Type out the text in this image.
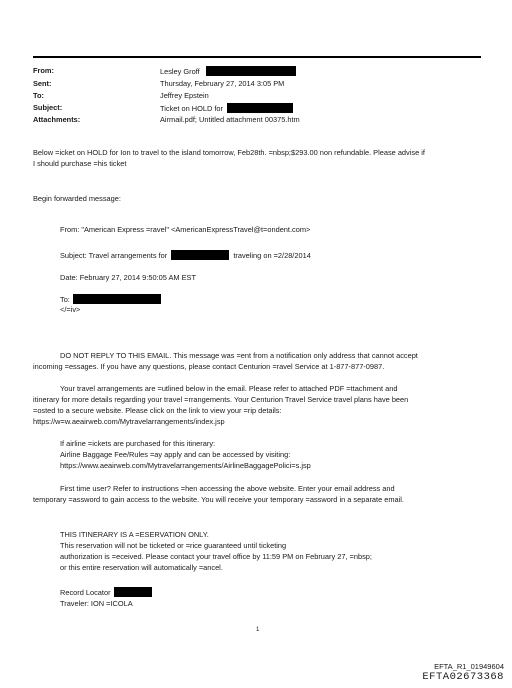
From:	Lesley Groff
Sent:	Thursday, February 27, 2014 3:05 PM
To:	Jeffrey Epstein
Subject:	Ticket on HOLD for
Attachments:	Airmail.pdf; Untitled attachment 00375.htm
Below =icket on HOLD for Ion to travel to the island tomorrow, Feb28th. =nbsp;$293.00 non refundable. Please advise if
I should purchase =his ticket
Begin forwarded message:
From: "American Express =ravel" <AmericanExpressTravel@t=ondent.com>
Subject: Travel arrangements for	traveling on =2/28/2014
Date: February 27, 2014 9:50:05 AM EST
To:
</=iv>
DO NOT REPLY TO THIS EMAIL. This message was =ent from a notification only address that cannot accept
incoming =essages. If you have any questions, please contact Centurion =ravel Service at 1-877-877-0987.
Your travel arrangements are =utlined below in the email. Please refer to attached PDF =ttachment and
itinerary for more details regarding your travel =rrangements. Your Centurion Travel Service travel plans have been
=osted to a secure website. Please click on the link to view your =rip details:
https://w=w.aeairweb.com/Mytravelarrangements/index.jsp
If airline =ickets are purchased for this itinerary:
Airline Baggage Fee/Rules =ay apply and can be accessed by visiting:
https://www.aeairweb.com/Mytravelarrangements/AirlineBaggagePolici=s.jsp
First time user? Refer to instructions =hen accessing the above website. Enter your email address and
temporary =assword to gain access to the website. You will receive your temporary =assword in a separate email.
THIS ITINERARY IS A =ESERVATION ONLY.
This reservation will not be ticketed or =rice guaranteed until ticketing
authorization is =eceived. Please contact your travel office by 11:59 PM on February 27, =nbsp;
or this entire reservation will automatically =ancel.
Record Locator
Traveler: ION =ICOLA
1
EFTA_R1_01949604
EFTA02673368
